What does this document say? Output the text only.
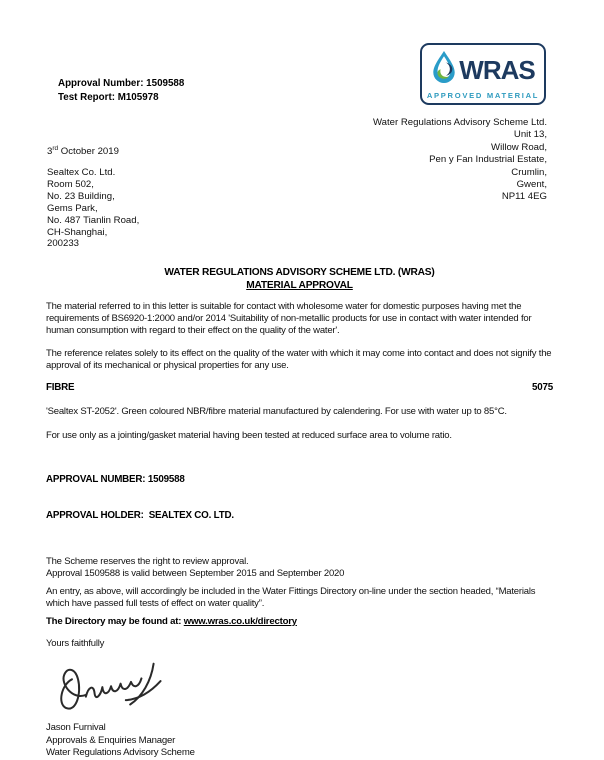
Approval Number: 1509588
Test Report: M105978
WRAS
APPROVED MATERIAL
Water Regulations Advisory Scheme Ltd.
Unit 13,
Willow Road,
Pen y Fan Industrial Estate,
Crumlin,
Gwent,
NP11 4EG
3rd October 2019
Sealtex Co. Ltd.
Room 502,
No. 23 Building,
Gems Park,
No. 487 Tianlin Road,
CH-Shanghai,
200233
WATER REGULATIONS ADVISORY SCHEME LTD. (WRAS)
MATERIAL APPROVAL

The material referred to in this letter is suitable for contact with wholesome water for domestic purposes having met the requirements of BS6920-1:2000 and/or 2014 'Suitability of non-metallic products for use in contact with water intended for human consumption with regard to their effect on the quality of the water'.

The reference relates solely to its effect on the quality of the water with which it may come into contact and does not signify the approval of its mechanical or physical properties for any use.

FIBRE	5075

'Sealtex ST-2052'. Green coloured NBR/fibre material manufactured by calendering. For use with water up to 85°C.

For use only as a jointing/gasket material having been tested at reduced surface area to volume ratio.

APPROVAL NUMBER: 1509588

APPROVAL HOLDER:  SEALTEX CO. LTD.

The Scheme reserves the right to review approval.
Approval 1509588 is valid between September 2015 and September 2020

An entry, as above, will accordingly be included in the Water Fittings Directory on-line under the section headed, “Materials which have passed full tests of effect on water quality”.

The Directory may be found at: www.wras.co.uk/directory
Yours faithfully
Jason Furnival
Approvals & Enquiries Manager
Water Regulations Advisory Scheme
